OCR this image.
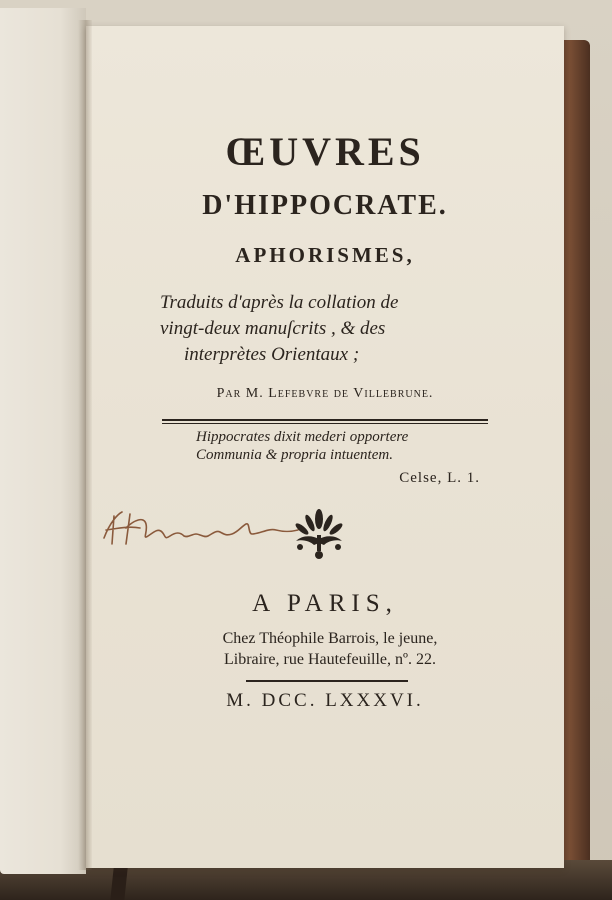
ŒUVRES
D'HIPPOCRATE.
APHORISMES,
Traduits d'après la collation de
vingt-deux manuſcrits , & des
interprètes Orientaux ;
Par M. Lefebvre de Villebrune.
Hippocrates dixit mederi opportere

Communia & propria intuentem.
Celse, L. 1.
A PARIS,
Chez Théophile Barrois, le jeune,
Libraire, rue Hautefeuille, nº. 22.
M. DCC. LXXXVI.
